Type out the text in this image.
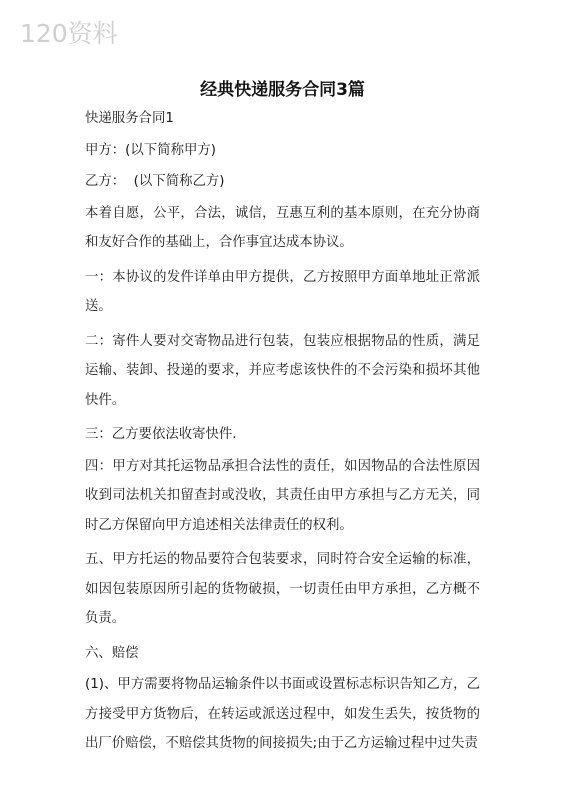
120资料
经典快递服务合同3篇

快递服务合同1

甲方：(以下简称甲方)

乙方：  (以下简称乙方)

本着自愿，公平，合法，诚信，互惠互利的基本原则，在充分协商和友好合作的基础上，合作事宜达成本协议。

一：本协议的发件详单由甲方提供，乙方按照甲方面单地址正常派送。

二：寄件人要对交寄物品进行包装，包装应根据物品的性质，满足运输、装卸、投递的要求，并应考虑该快件的不会污染和损坏其他快件。

三：乙方要依法收寄快件.

四：甲方对其托运物品承担合法性的责任，如因物品的合法性原因收到司法机关扣留查封或没收，其责任由甲方承担与乙方无关，同时乙方保留向甲方追述相关法律责任的权利。

五、甲方托运的物品要符合包装要求，同时符合安全运输的标准，如因包装原因所引起的货物破损，一切责任由甲方承担，乙方概不负责。

六、赔偿

(1)、甲方需要将物品运输条件以书面或设置标志标识告知乙方，乙方接受甲方货物后，在转运或派送过程中，如发生丢失，按货物的出厂价赔偿，不赔偿其货物的间接损失;由于乙方运输过程中过失责
